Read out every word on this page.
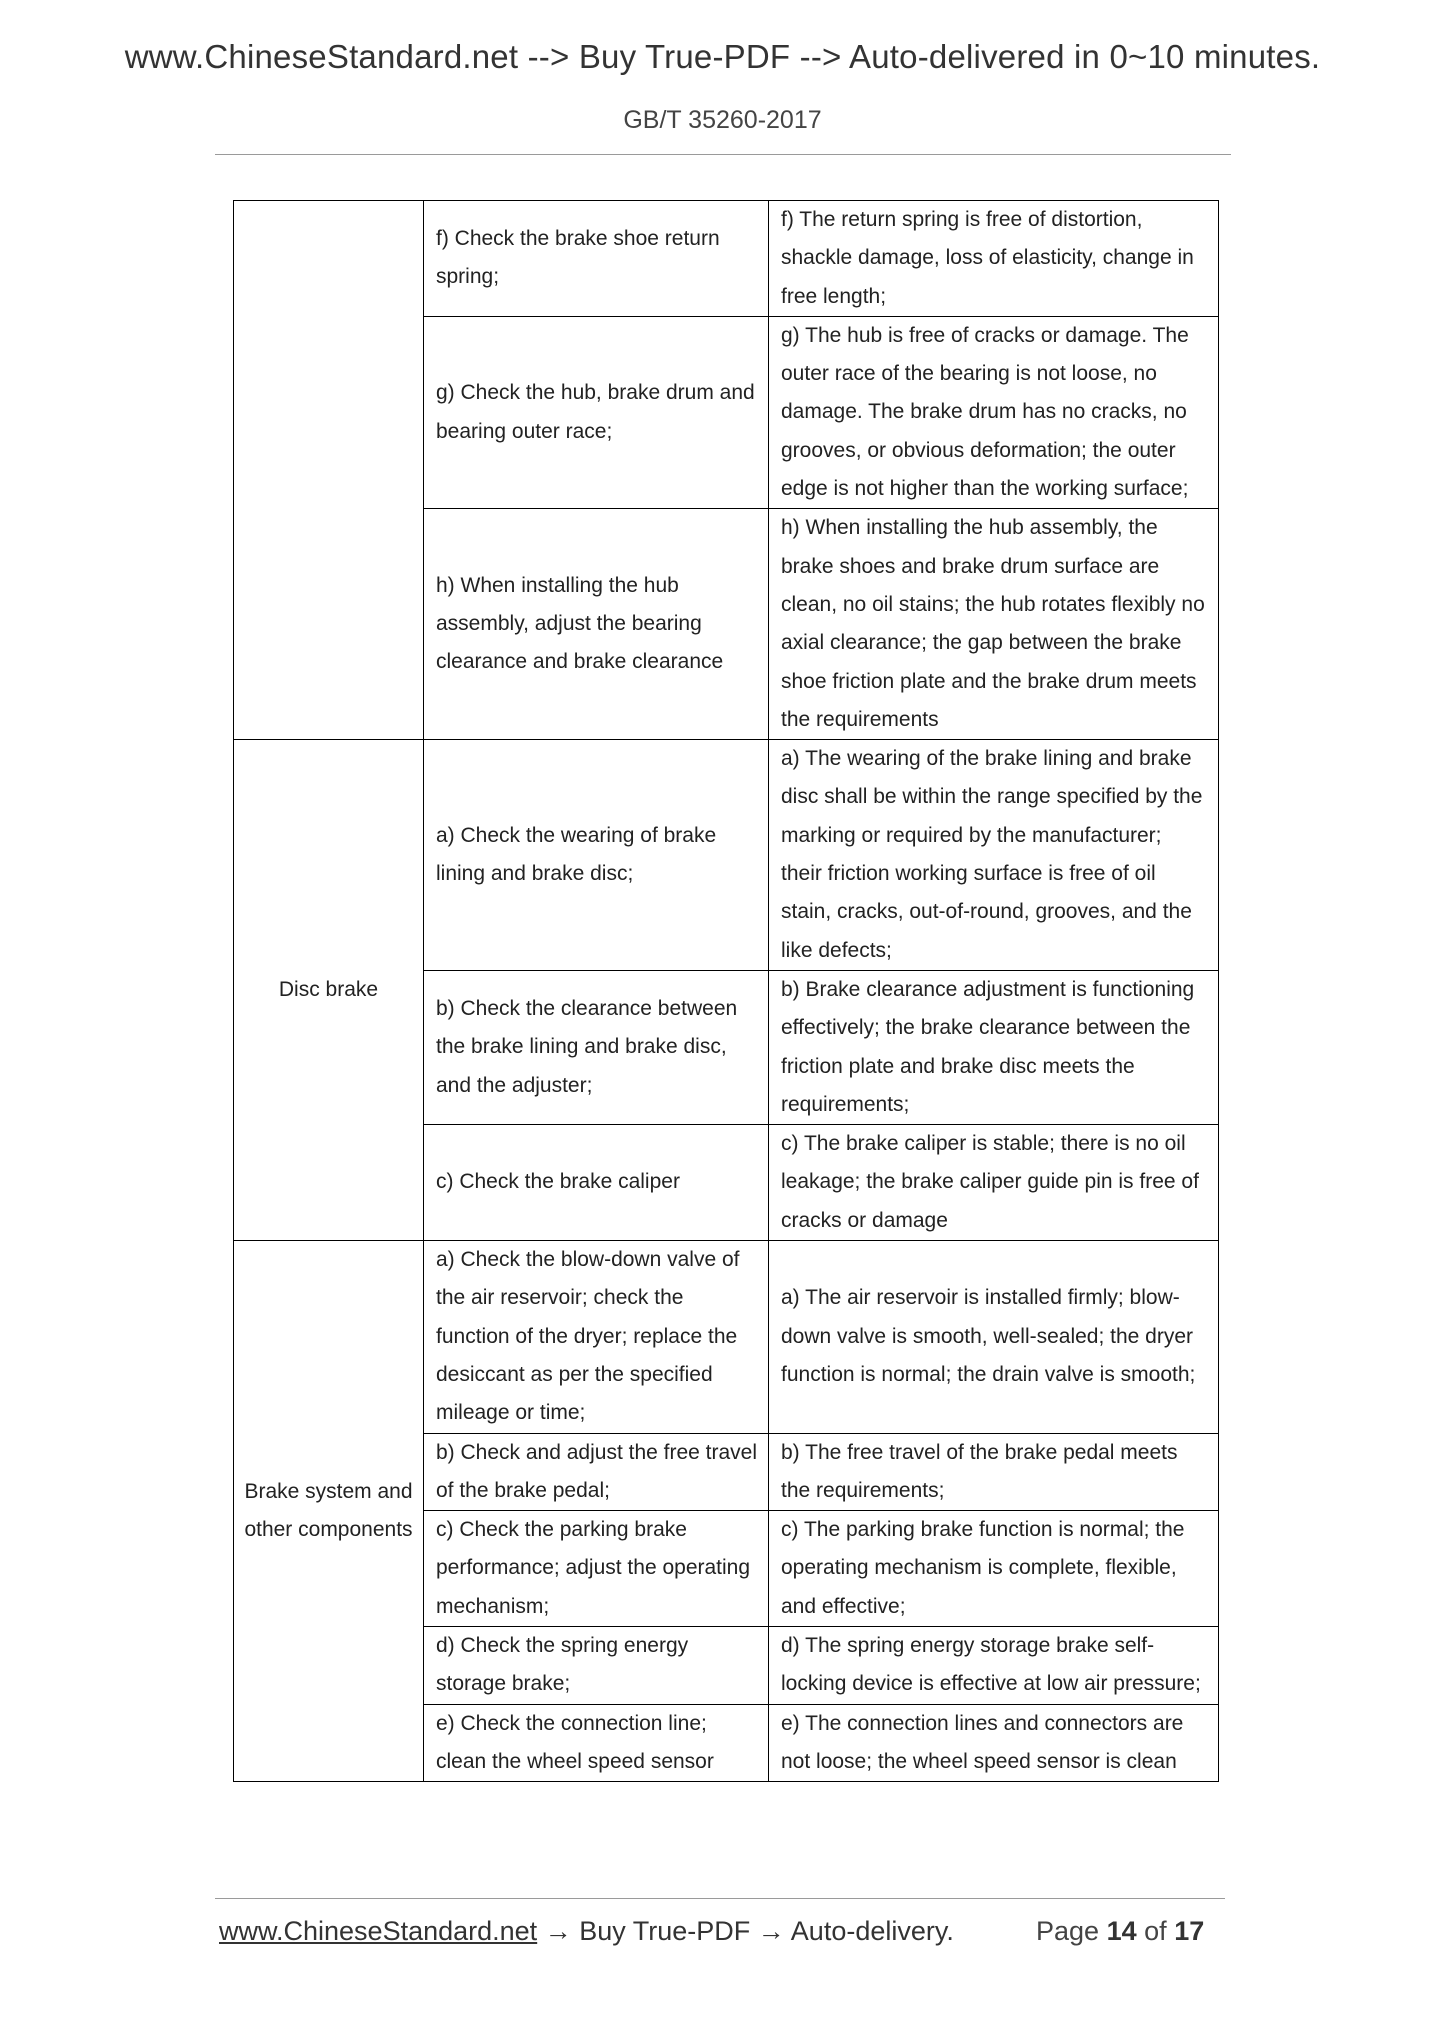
www.ChineseStandard.net --> Buy True-PDF --> Auto-delivered in 0~10 minutes.
GB/T 35260-2017
	f) Check the brake shoe return spring;	f) The return spring is free of distortion, shackle damage, loss of elasticity, change in free length;
	g) Check the hub, brake drum and bearing outer race;	g) The hub is free of cracks or damage. The outer race of the bearing is not loose, no damage. The brake drum has no cracks, no grooves, or obvious deformation; the outer edge is not higher than the working surface;
	h) When installing the hub assembly, adjust the bearing clearance and brake clearance	h) When installing the hub assembly, the brake shoes and brake drum surface are clean, no oil stains; the hub rotates flexibly no axial clearance; the gap between the brake shoe friction plate and the brake drum meets the requirements
Disc brake	a) Check the wearing of brake lining and brake disc;	a) The wearing of the brake lining and brake disc shall be within the range specified by the marking or required by the manufacturer; their friction working surface is free of oil stain, cracks, out-of-round, grooves, and the like defects;
	b) Check the clearance between the brake lining and brake disc, and the adjuster;	b) Brake clearance adjustment is functioning effectively; the brake clearance between the friction plate and brake disc meets the requirements;
	c) Check the brake caliper	c) The brake caliper is stable; there is no oil leakage; the brake caliper guide pin is free of cracks or damage
Brake system and other components	a) Check the blow-down valve of the air reservoir; check the function of the dryer; replace the desiccant as per the specified mileage or time;	a) The air reservoir is installed firmly; blow-down valve is smooth, well-sealed; the dryer function is normal; the drain valve is smooth;
	b) Check and adjust the free travel of the brake pedal;	b) The free travel of the brake pedal meets the requirements;
	c) Check the parking brake performance; adjust the operating mechanism;	c) The parking brake function is normal; the operating mechanism is complete, flexible, and effective;
	d) Check the spring energy storage brake;	d) The spring energy storage brake self-locking device is effective at low air pressure;
	e) Check the connection line; clean the wheel speed sensor	e) The connection lines and connectors are not loose; the wheel speed sensor is clean
www.ChineseStandard.net → Buy True-PDF → Auto-delivery.	Page 14 of 17
